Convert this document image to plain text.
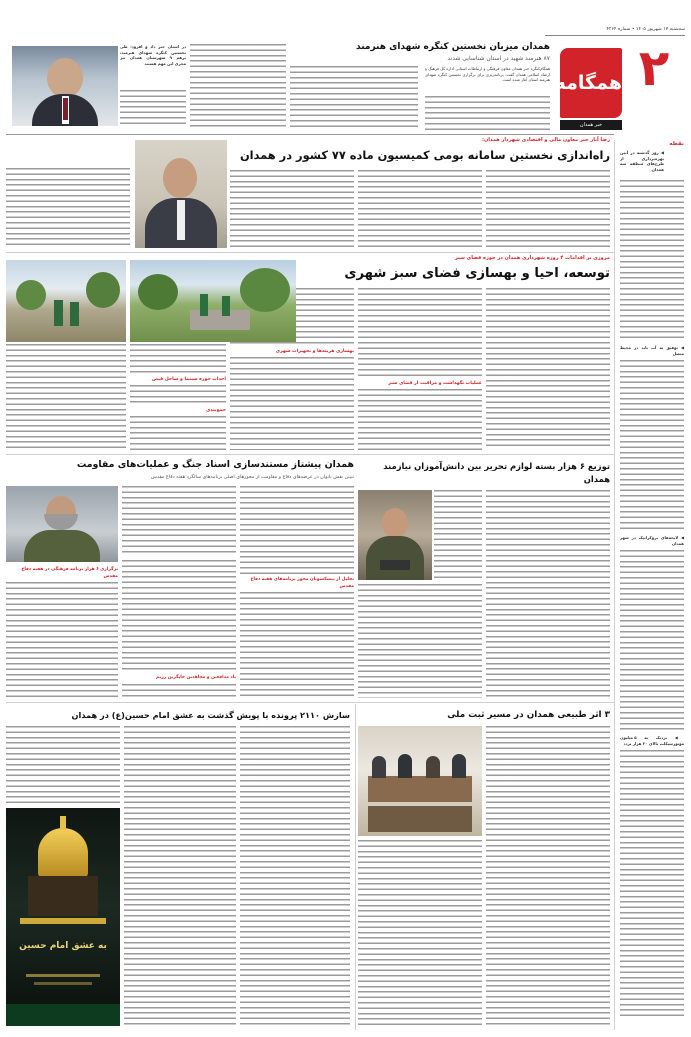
۲
همگامه
خبر همدان
سه‌شنبه ۱۷ شهریور ۱۴۰۵ • شماره ۴۲۶۴
نقطه
◀ روز گذشته در آیین بهره‌برداری از طرح‌های منطقه سه همدان
◀ توفیق به آب باید در محیط متصل
◀ لایحه‌های بروکراتیک در شهر همدان
◀ نزدیک به ۵ میلیون موتورسیکلت بالای ۳۰ هزار تردد
همدان میزبان نخستین کنگره شهدای هنرمند
۸۷ هنرمند شهید در استان شناسایی شدند
همگام‌کنگره خبر همدان معاون فرهنگی و ارتباطات استانی اداره کل فرهنگ و ارشاد اسلامی همدان گفت: برنامه‌ریزی برای برگزاری نخستین کنگره شهدای هنرمند استان آغاز شده است.
در استان خبر داد و افزود: طی نخستین کنگره شهدای هنرمند، برهم ۹ شهرستان همدان نیز مجری این مهم هستند
رضا آبار خبر معاون مالی و اقتصادی شهردار همدان:
راه‌اندازی نخستین سامانه بومی کمیسیون ماده ۷۷ کشور در همدان
مروری بر اقدامات ۴ روزه شهرداری همدان در حوزه فضای سبز
توسعه، احیا و بهسازی فضای سبز شهری
عملیات نگهداشت و مراقبت از فضای سبز
بهسازی هزینه‌ها و تجهیزات شهری
احداث حوزه سینما و ساحل فیض
جمع‌بندی
توزیع ۶ هزار بسته لوازم تحریر بین دانش‌آموزان نیازمند همدان
همدان پیشتاز مستندسازی اسناد جنگ و عملیات‌های مقاومت
تبیین نقش بانوان در عرصه‌های دفاع و مقاومت از محورهای اصلی برنامه‌های سالگرد هفته دفاع مقدس
تجلیل از پیشکسوتان محور برنامه‌های هفته دفاع مقدس
برگزاری ۶ هزار برنامه فرهنگی در هفته دفاع مقدس
یاد مدافعین و مجاهدین جایگزین رژیم
۳ اثر طبیعی همدان در مسیر ثبت ملی
سازش ۲۱۱۰ پرونده با پویش گذشت به عشق امام حسین(ع) در همدان
به عشق امام حسین
